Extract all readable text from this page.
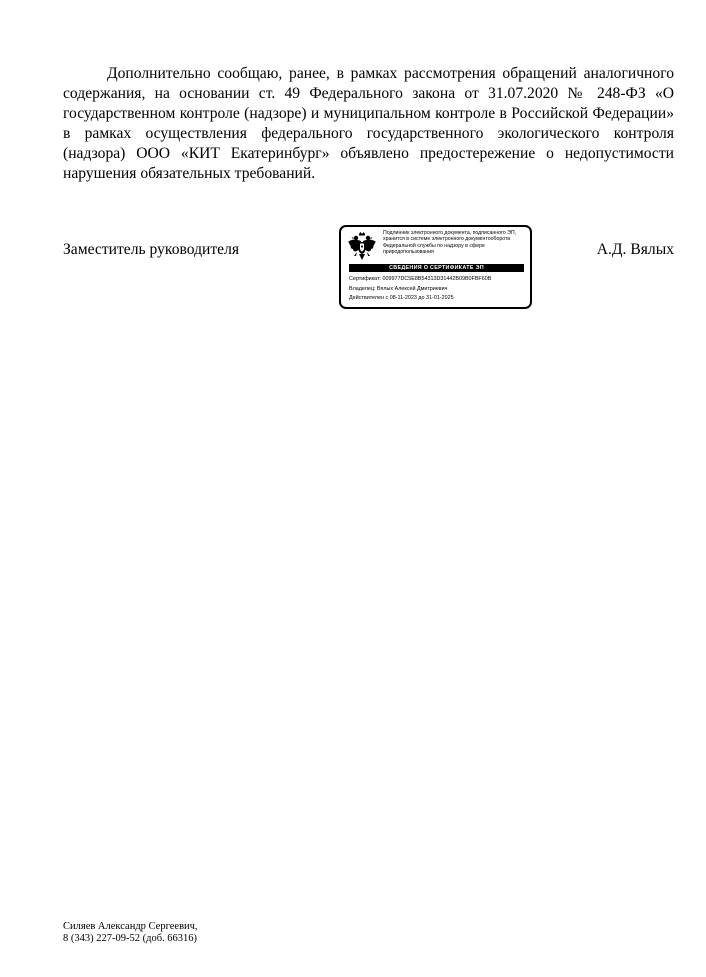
Дополнительно сообщаю, ранее, в рамках рассмотрения обращений аналогичного содержания, на основании ст. 49 Федерального закона от 31.07.2020 № 248-ФЗ «О государственном контроле (надзоре) и муниципальном контроле в Российской Федерации» в рамках осуществления федерального государственного экологического контроля (надзора) ООО «КИТ Екатеринбург» объявлено предостережение о недопустимости нарушения обязательных требований.

Заместитель руководителя
Подлинник электронного документа, подписанного ЭП,
хранится в системе электронного документооборота
Федеральной службы по надзору в сфере
природопользования
СВЕДЕНИЯ О СЕРТИФИКАТЕ ЭП
Сертификат: 009977DC5E8B54313D31442B09B0FBF60B
Владелец: Вялых Алексей Дмитриевич
Действителен с 08-11-2023 до 31-01-2025
А.Д. Вялых
Силяев Александр Сергеевич,
8 (343) 227-09-52 (доб. 66316)
